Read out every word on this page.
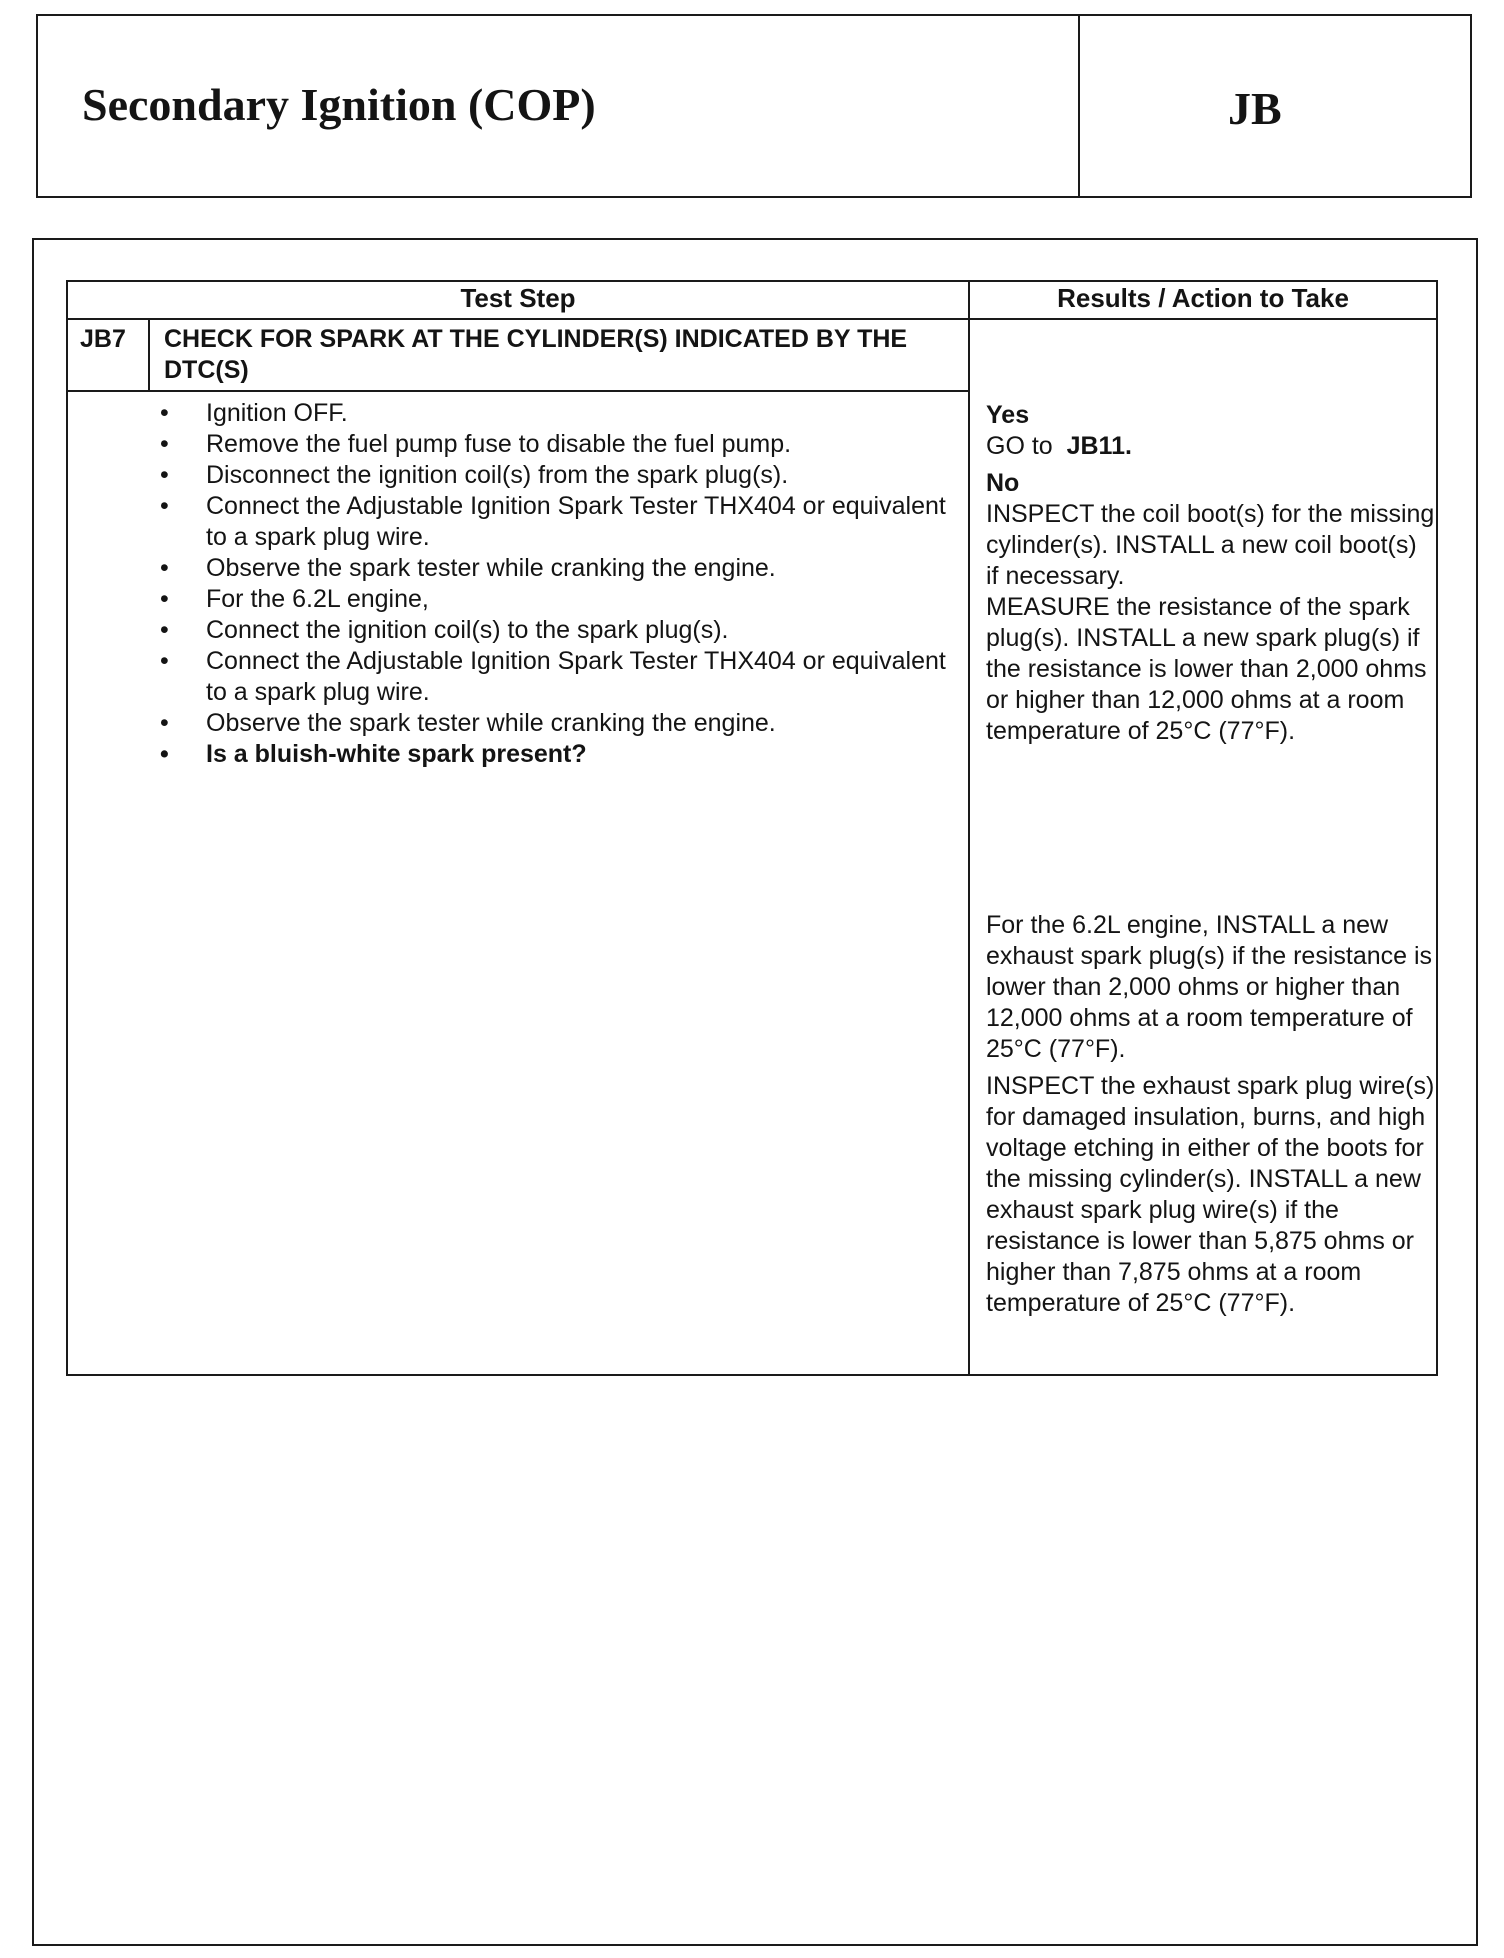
Secondary Ignition (COP)	JB
Test Step	Results / Action to Take
JB7 CHECK FOR SPARK AT THE CYLINDER(S) INDICATED BY THE DTC(S)
• Ignition OFF.
• Remove the fuel pump fuse to disable the fuel pump.
• Disconnect the ignition coil(s) from the spark plug(s).
• Connect the Adjustable Ignition Spark Tester THX404 or equivalent to a spark plug wire.
• Observe the spark tester while cranking the engine.
• For the 6.2L engine,
• Connect the ignition coil(s) to the spark plug(s).
• Connect the Adjustable Ignition Spark Tester THX404 or equivalent to a spark plug wire.
• Observe the spark tester while cranking the engine.
• Is a bluish-white spark present?
Yes
GO to JB11.
No
INSPECT the coil boot(s) for the missing cylinder(s). INSTALL a new coil boot(s) if necessary.
MEASURE the resistance of the spark plug(s). INSTALL a new spark plug(s) if the resistance is lower than 2,000 ohms or higher than 12,000 ohms at a room temperature of 25°C (77°F).
For the 6.2L engine, INSTALL a new exhaust spark plug(s) if the resistance is lower than 2,000 ohms or higher than 12,000 ohms at a room temperature of 25°C (77°F).
INSPECT the exhaust spark plug wire(s) for damaged insulation, burns, and high voltage etching in either of the boots for the missing cylinder(s). INSTALL a new exhaust spark plug wire(s) if the resistance is lower than 5,875 ohms or higher than 7,875 ohms at a room temperature of 25°C (77°F).
